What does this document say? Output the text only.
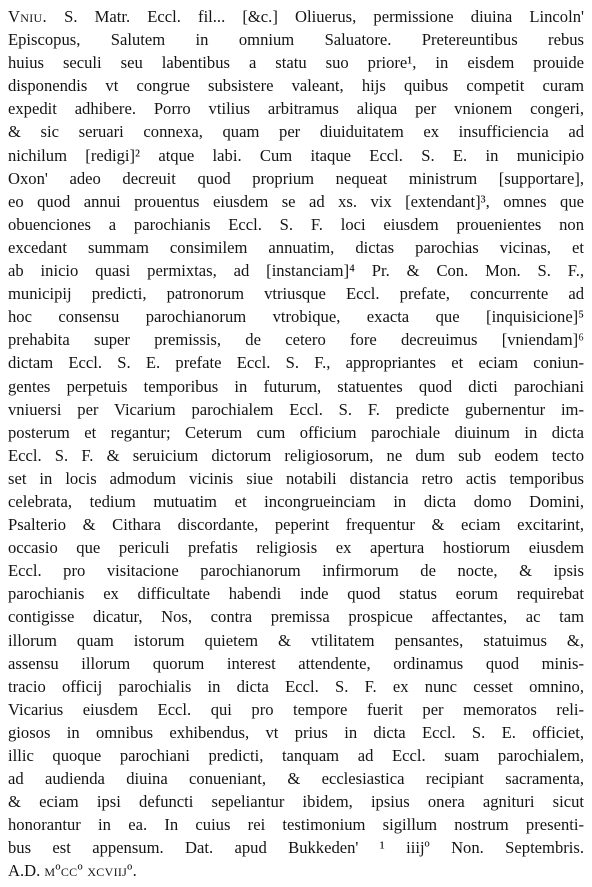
Vniu. S. Matr. Eccl. fil... [&c.] Oliuerus, permissione diuina Lincoln'
Episcopus, Salutem in omnium Saluatore. Pretereuntibus rebus
huius seculi seu labentibus a statu suo priore¹, in eisdem prouide
disponendis vt congrue subsistere valeant, hijs quibus competit curam
expedit adhibere. Porro vtilius arbitramus aliqua per vnionem congeri,
& sic seruari connexa, quam per diuiduitatem ex insufficiencia ad
nichilum [redigi]² atque labi. Cum itaque Eccl. S. E. in municipio
Oxon' adeo decreuit quod proprium nequeat ministrum [supportare],
eo quod annui prouentus eiusdem se ad xs. vix [extendant]³, omnes que
obuenciones a parochianis Eccl. S. F. loci eiusdem prouenientes non
excedant summam consimilem annuatim, dictas parochias vicinas, et
ab inicio quasi permixtas, ad [instanciam]⁴ Pr. & Con. Mon. S. F.,
municipij predicti, patronorum vtriusque Eccl. prefate, concurrente ad
hoc consensu parochianorum vtrobique, exacta que [inquisicione]⁵
prehabita super premissis, de cetero fore decreuimus [vniendam]⁶
dictam Eccl. S. E. prefate Eccl. S. F., appropriantes et eciam coniun-
gentes perpetuis temporibus in futurum, statuentes quod dicti parochiani
vniuersi per Vicarium parochialem Eccl. S. F. predicte gubernentur im-
posterum et regantur; Ceterum cum officium parochiale diuinum in dicta
Eccl. S. F. & seruicium dictorum religiosorum, ne dum sub eodem tecto
set in locis admodum vicinis siue notabili distancia retro actis temporibus
celebrata, tedium mutuatim et incongrueinciam in dicta domo Domini,
Psalterio & Cithara discordante, peperint frequentur & eciam excitarint,
occasio que periculi prefatis religiosis ex apertura hostiorum eiusdem
Eccl. pro visitacione parochianorum infirmorum de nocte, & ipsis
parochianis ex difficultate habendi inde quod status eorum requirebat
contigisse dicatur, Nos, contra premissa prospicue affectantes, ac tam
illorum quam istorum quietem & vtilitatem pensantes, statuimus &,
assensu illorum quorum interest attendente, ordinamus quod minis-
tracio officij parochialis in dicta Eccl. S. F. ex nunc cesset omnino,
Vicarius eiusdem Eccl. qui pro tempore fuerit per memoratos reli-
giosos in omnibus exhibendus, vt prius in dicta Eccl. S. E. officiet,
illic quoque parochiani predicti, tanquam ad Eccl. suam parochialem,
ad audienda diuina conueniant, & ecclesiastica recipiant sacramenta,
& eciam ipsi defuncti sepeliantur ibidem, ipsius onera agnituri sicut
honorantur in ea. In cuius rei testimonium sigillum nostrum presenti-
bus est appensum. Dat. apud Bukkeden' ¹ iiijº Non. Septembris.
A.D. mºccº xcviijº.
